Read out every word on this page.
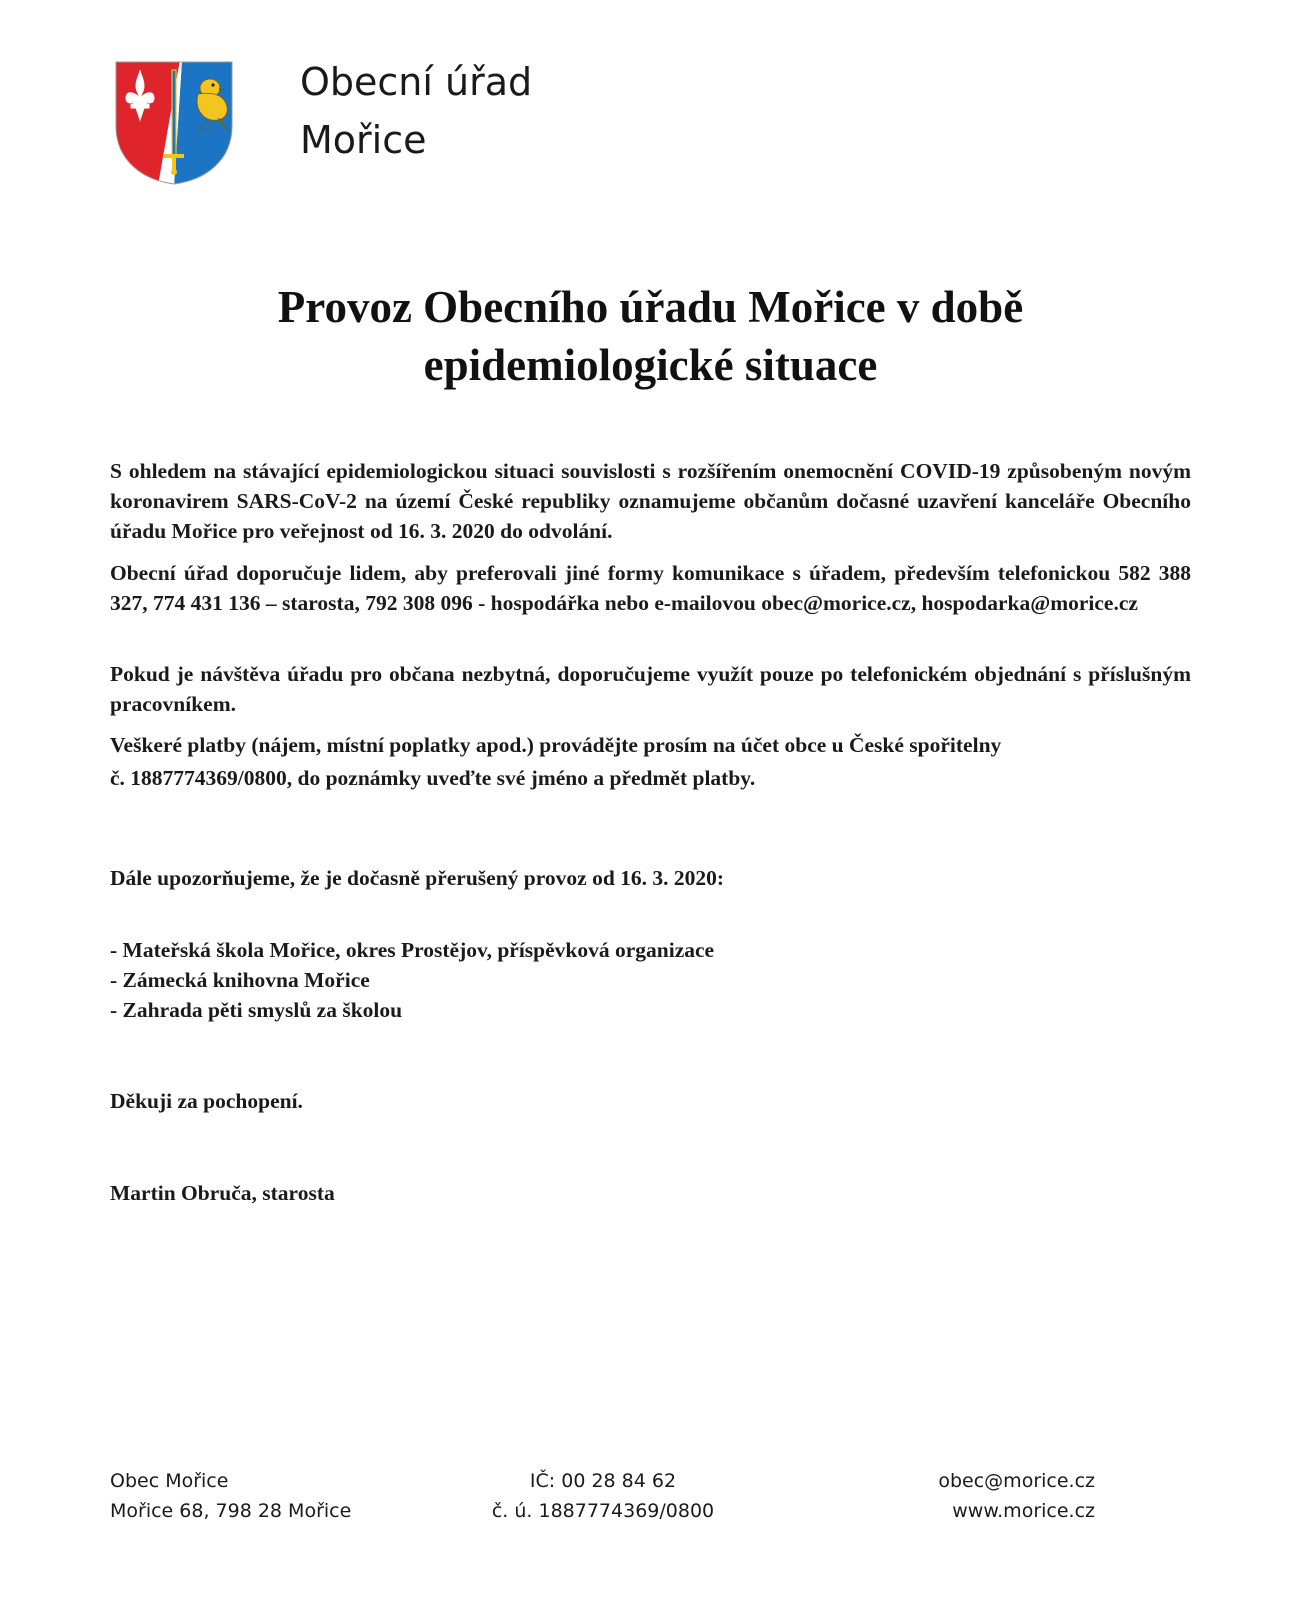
Obecní úřad
Mořice
Provoz Obecního úřadu Mořice v době
epidemiologické situace

S ohledem na stávající epidemiologickou situaci souvislosti s rozšířením onemocnění COVID-19 způsobeným novým koronavirem SARS-CoV-2 na území České republiky oznamujeme občanům dočasné uzavření kanceláře Obecního úřadu Mořice pro veřejnost od 16. 3. 2020 do odvolání.

Obecní úřad doporučuje lidem, aby preferovali jiné formy komunikace s úřadem, především telefonickou 582 388 327, 774 431 136 – starosta, 792 308 096 - hospodářka nebo e-mailovou obec@morice.cz, hospodarka@morice.cz

Pokud je návštěva úřadu pro občana nezbytná, doporučujeme využít pouze po telefonickém objednání s příslušným pracovníkem.

Veškeré platby (nájem, místní poplatky apod.) provádějte prosím na účet obce u České spořitelny
č. 1887774369/0800, do poznámky uveďte své jméno a předmět platby.
Dále upozorňujeme, že je dočasně přerušený provoz od 16. 3. 2020:
- Mateřská škola Mořice, okres Prostějov, příspěvková organizace
- Zámecká knihovna Mořice
- Zahrada pěti smyslů za školou
Děkuji za pochopení.
Martin Obruča, starosta
Obec Mořice
Mořice 68, 798 28 Mořice
IČ: 00 28 84 62
č. ú. 1887774369/0800
obec@morice.cz
www.morice.cz
